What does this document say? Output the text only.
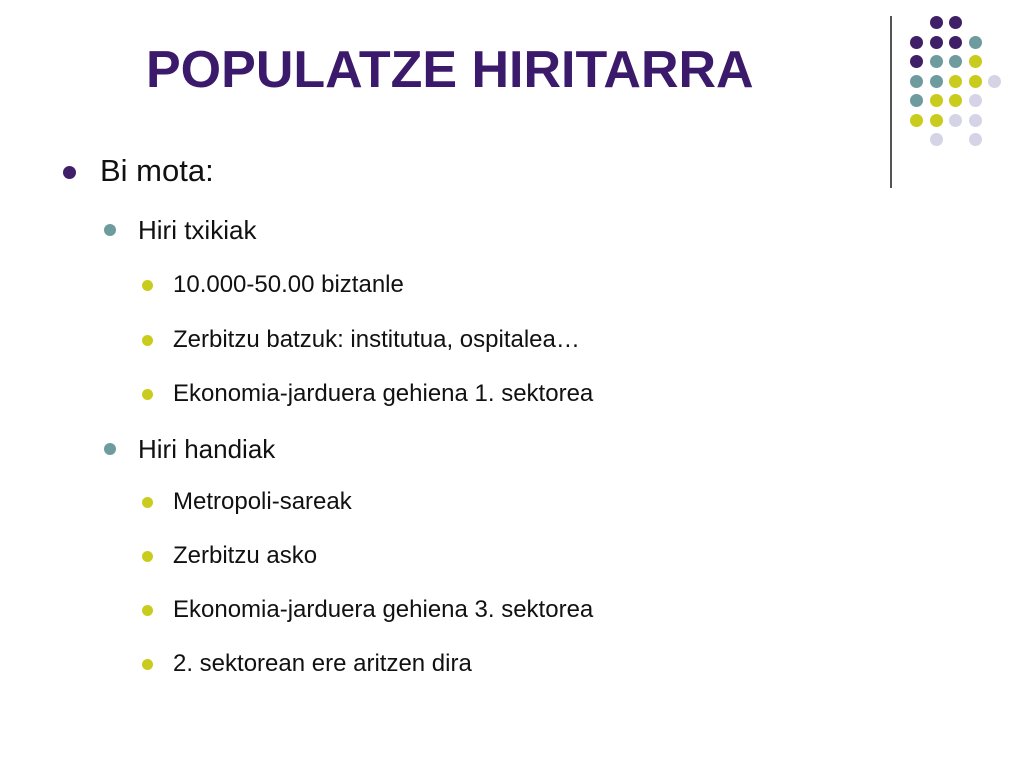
POPULATZE HIRITARRA
Bi mota:
Hiri txikiak
10.000-50.00 biztanle
Zerbitzu batzuk: institutua, ospitalea…
Ekonomia-jarduera gehiena 1. sektorea
Hiri handiak
Metropoli-sareak
Zerbitzu asko
Ekonomia-jarduera gehiena 3. sektorea
2. sektorean ere aritzen dira
